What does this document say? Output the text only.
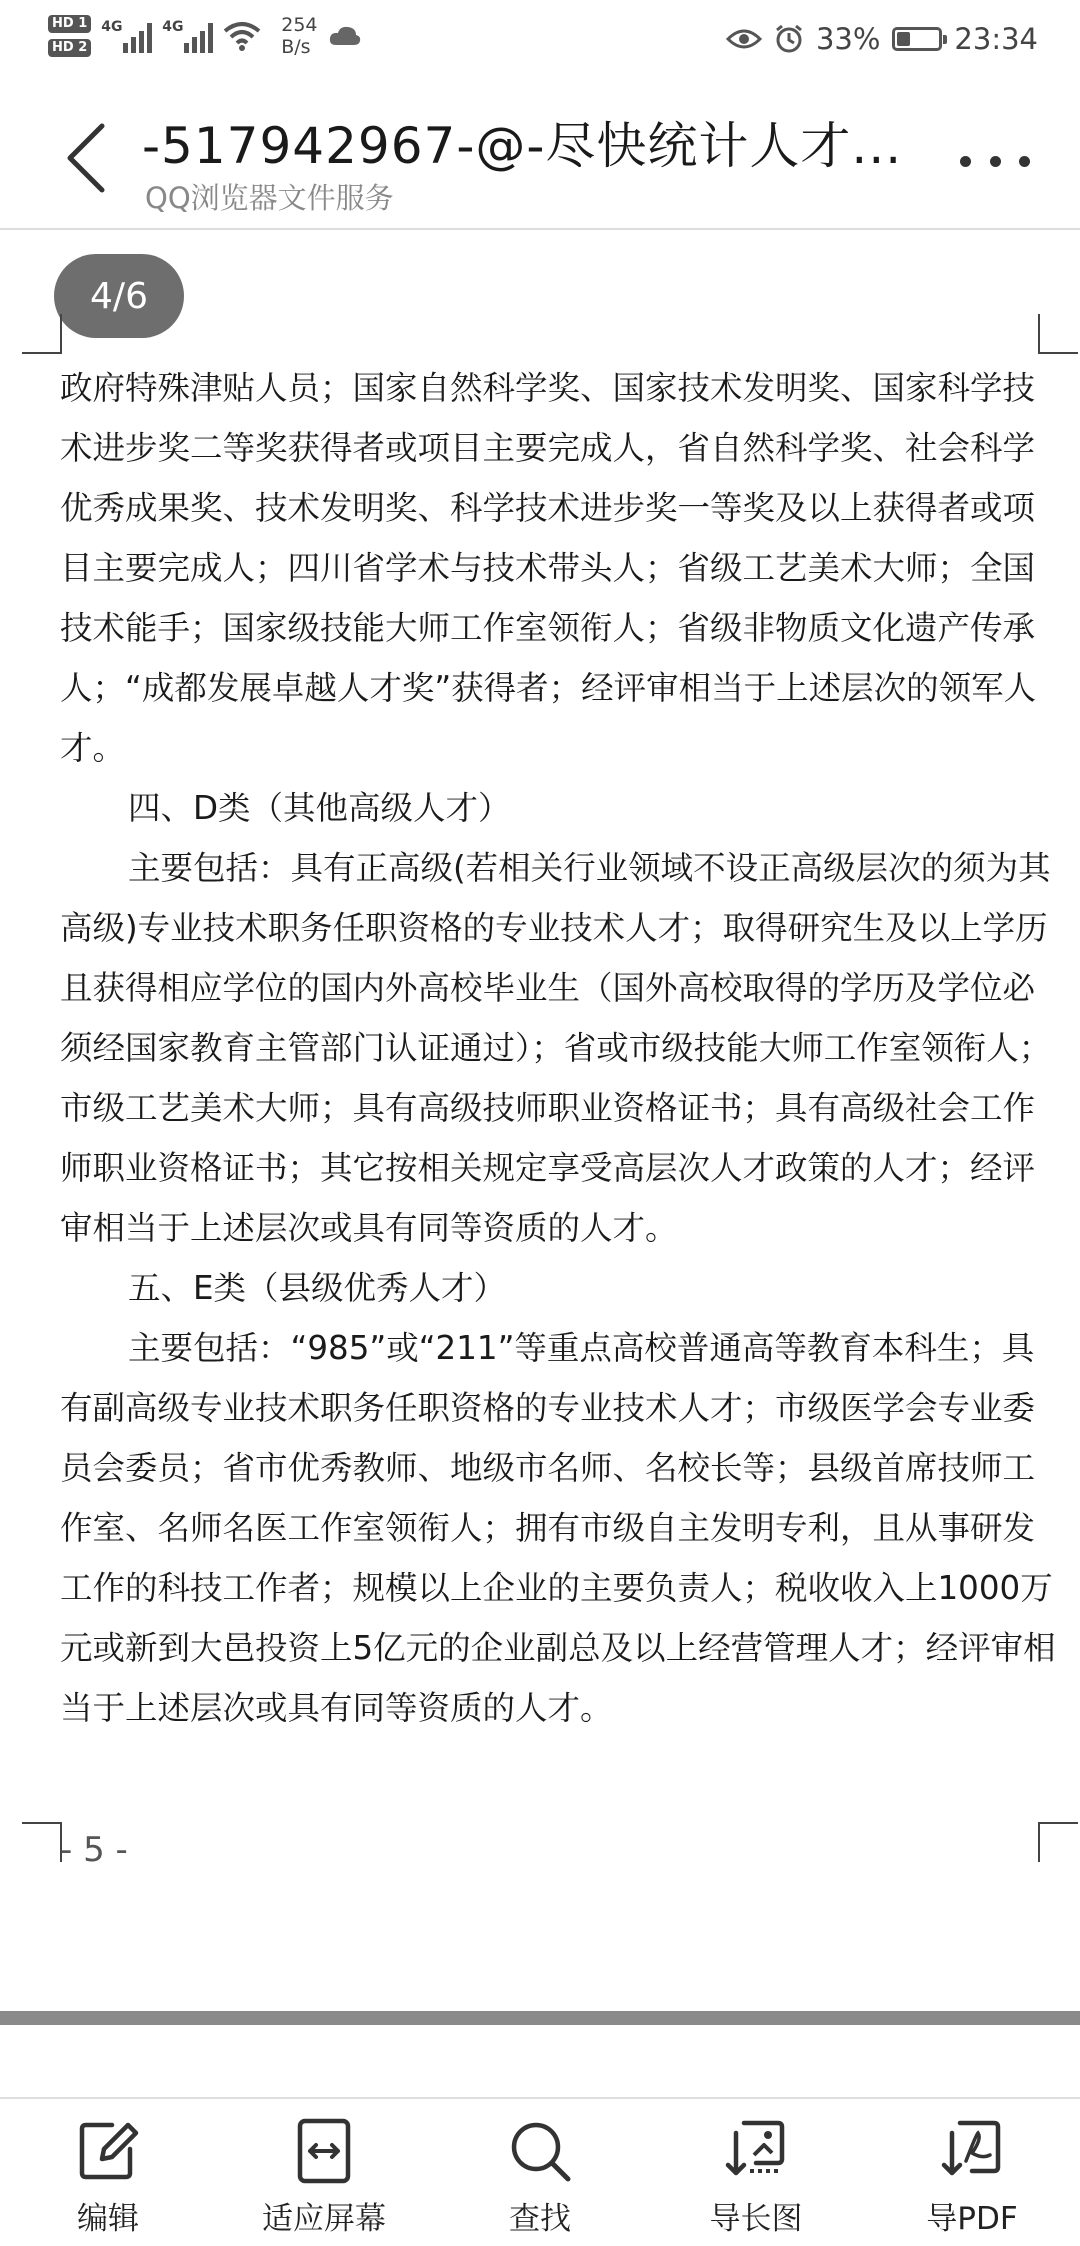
HD 1
HD 2
4G	4G	254
B/s	33%	23:34
-517942967-@-尽快统计人才...
QQ浏览器文件服务
4/6

政府特殊津贴人员；国家自然科学奖、国家技术发明奖、国家科学技术进步奖二等奖获得者或项目主要完成人，省自然科学奖、社会科学优秀成果奖、技术发明奖、科学技术进步奖一等奖及以上获得者或项目主要完成人；四川省学术与技术带头人；省级工艺美术大师；全国技术能手；国家级技能大师工作室领衔人；省级非物质文化遗产传承人；“成都发展卓越人才奖”获得者；经评审相当于上述层次的领军人才。

四、D类（其他高级人才）

主要包括：具有正高级(若相关行业领域不设正高级层次的须为其高级)专业技术职务任职资格的专业技术人才；取得研究生及以上学历且获得相应学位的国内外高校毕业生（国外高校取得的学历及学位必须经国家教育主管部门认证通过）；省或市级技能大师工作室领衔人；市级工艺美术大师；具有高级技师职业资格证书；具有高级社会工作师职业资格证书；其它按相关规定享受高层次人才政策的人才；经评审相当于上述层次或具有同等资质的人才。

五、E类（县级优秀人才）

主要包括：“985”或“211”等重点高校普通高等教育本科生；具有副高级专业技术职务任职资格的专业技术人才；市级医学会专业委员会委员；省市优秀教师、地级市名师、名校长等；县级首席技师工作室、名师名医工作室领衔人；拥有市级自主发明专利，且从事研发工作的科技工作者；规模以上企业的主要负责人；税收收入上1000万元或新到大邑投资上5亿元的企业副总及以上经营管理人才；经评审相当于上述层次或具有同等资质的人才。

- 5 -
编辑	适应屏幕	查找	导长图	导PDF
